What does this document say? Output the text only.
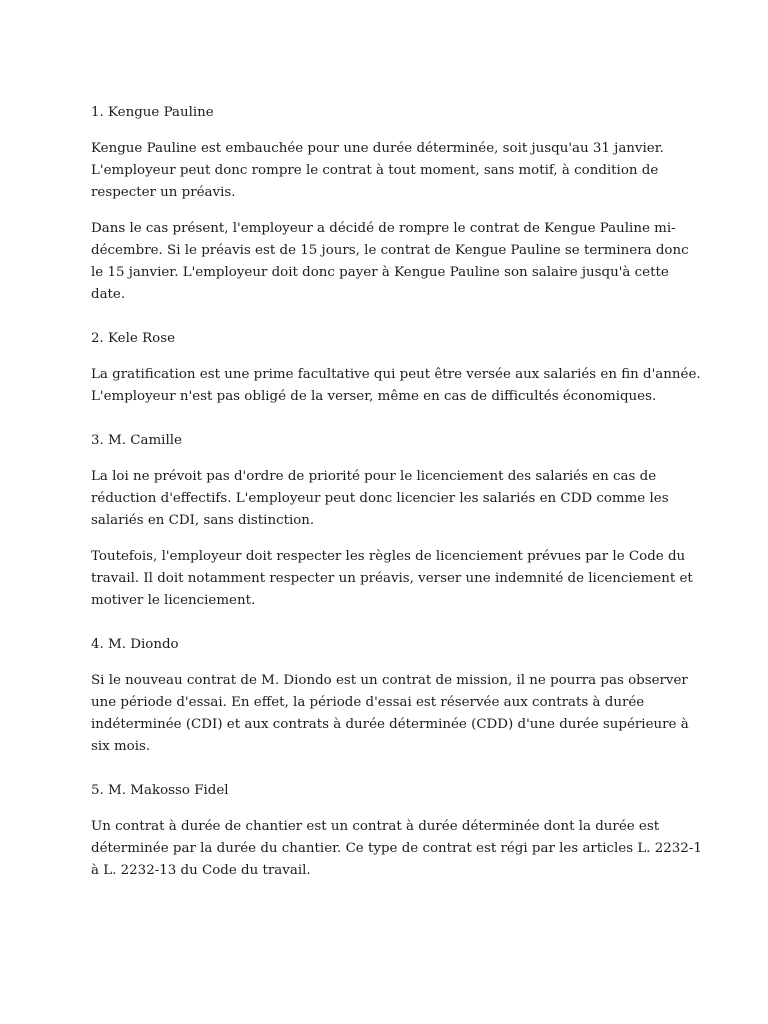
1. Kengue Pauline
Kengue Pauline est embauchée pour une durée déterminée, soit jusqu'au 31 janvier.
L'employeur peut donc rompre le contrat à tout moment, sans motif, à condition de
respecter un préavis.
Dans le cas présent, l'employeur a décidé de rompre le contrat de Kengue Pauline mi-
décembre. Si le préavis est de 15 jours, le contrat de Kengue Pauline se terminera donc
le 15 janvier. L'employeur doit donc payer à Kengue Pauline son salaire jusqu'à cette
date.
2. Kele Rose
La gratification est une prime facultative qui peut être versée aux salariés en fin d'année.
L'employeur n'est pas obligé de la verser, même en cas de difficultés économiques.
3. M. Camille
La loi ne prévoit pas d'ordre de priorité pour le licenciement des salariés en cas de
réduction d'effectifs. L'employeur peut donc licencier les salariés en CDD comme les
salariés en CDI, sans distinction.
Toutefois, l'employeur doit respecter les règles de licenciement prévues par le Code du
travail. Il doit notamment respecter un préavis, verser une indemnité de licenciement et
motiver le licenciement.
4. M. Diondo
Si le nouveau contrat de M. Diondo est un contrat de mission, il ne pourra pas observer
une période d'essai. En effet, la période d'essai est réservée aux contrats à durée
indéterminée (CDI) et aux contrats à durée déterminée (CDD) d'une durée supérieure à
six mois.
5. M. Makosso Fidel
Un contrat à durée de chantier est un contrat à durée déterminée dont la durée est
déterminée par la durée du chantier. Ce type de contrat est régi par les articles L. 2232-1
à L. 2232-13 du Code du travail.
